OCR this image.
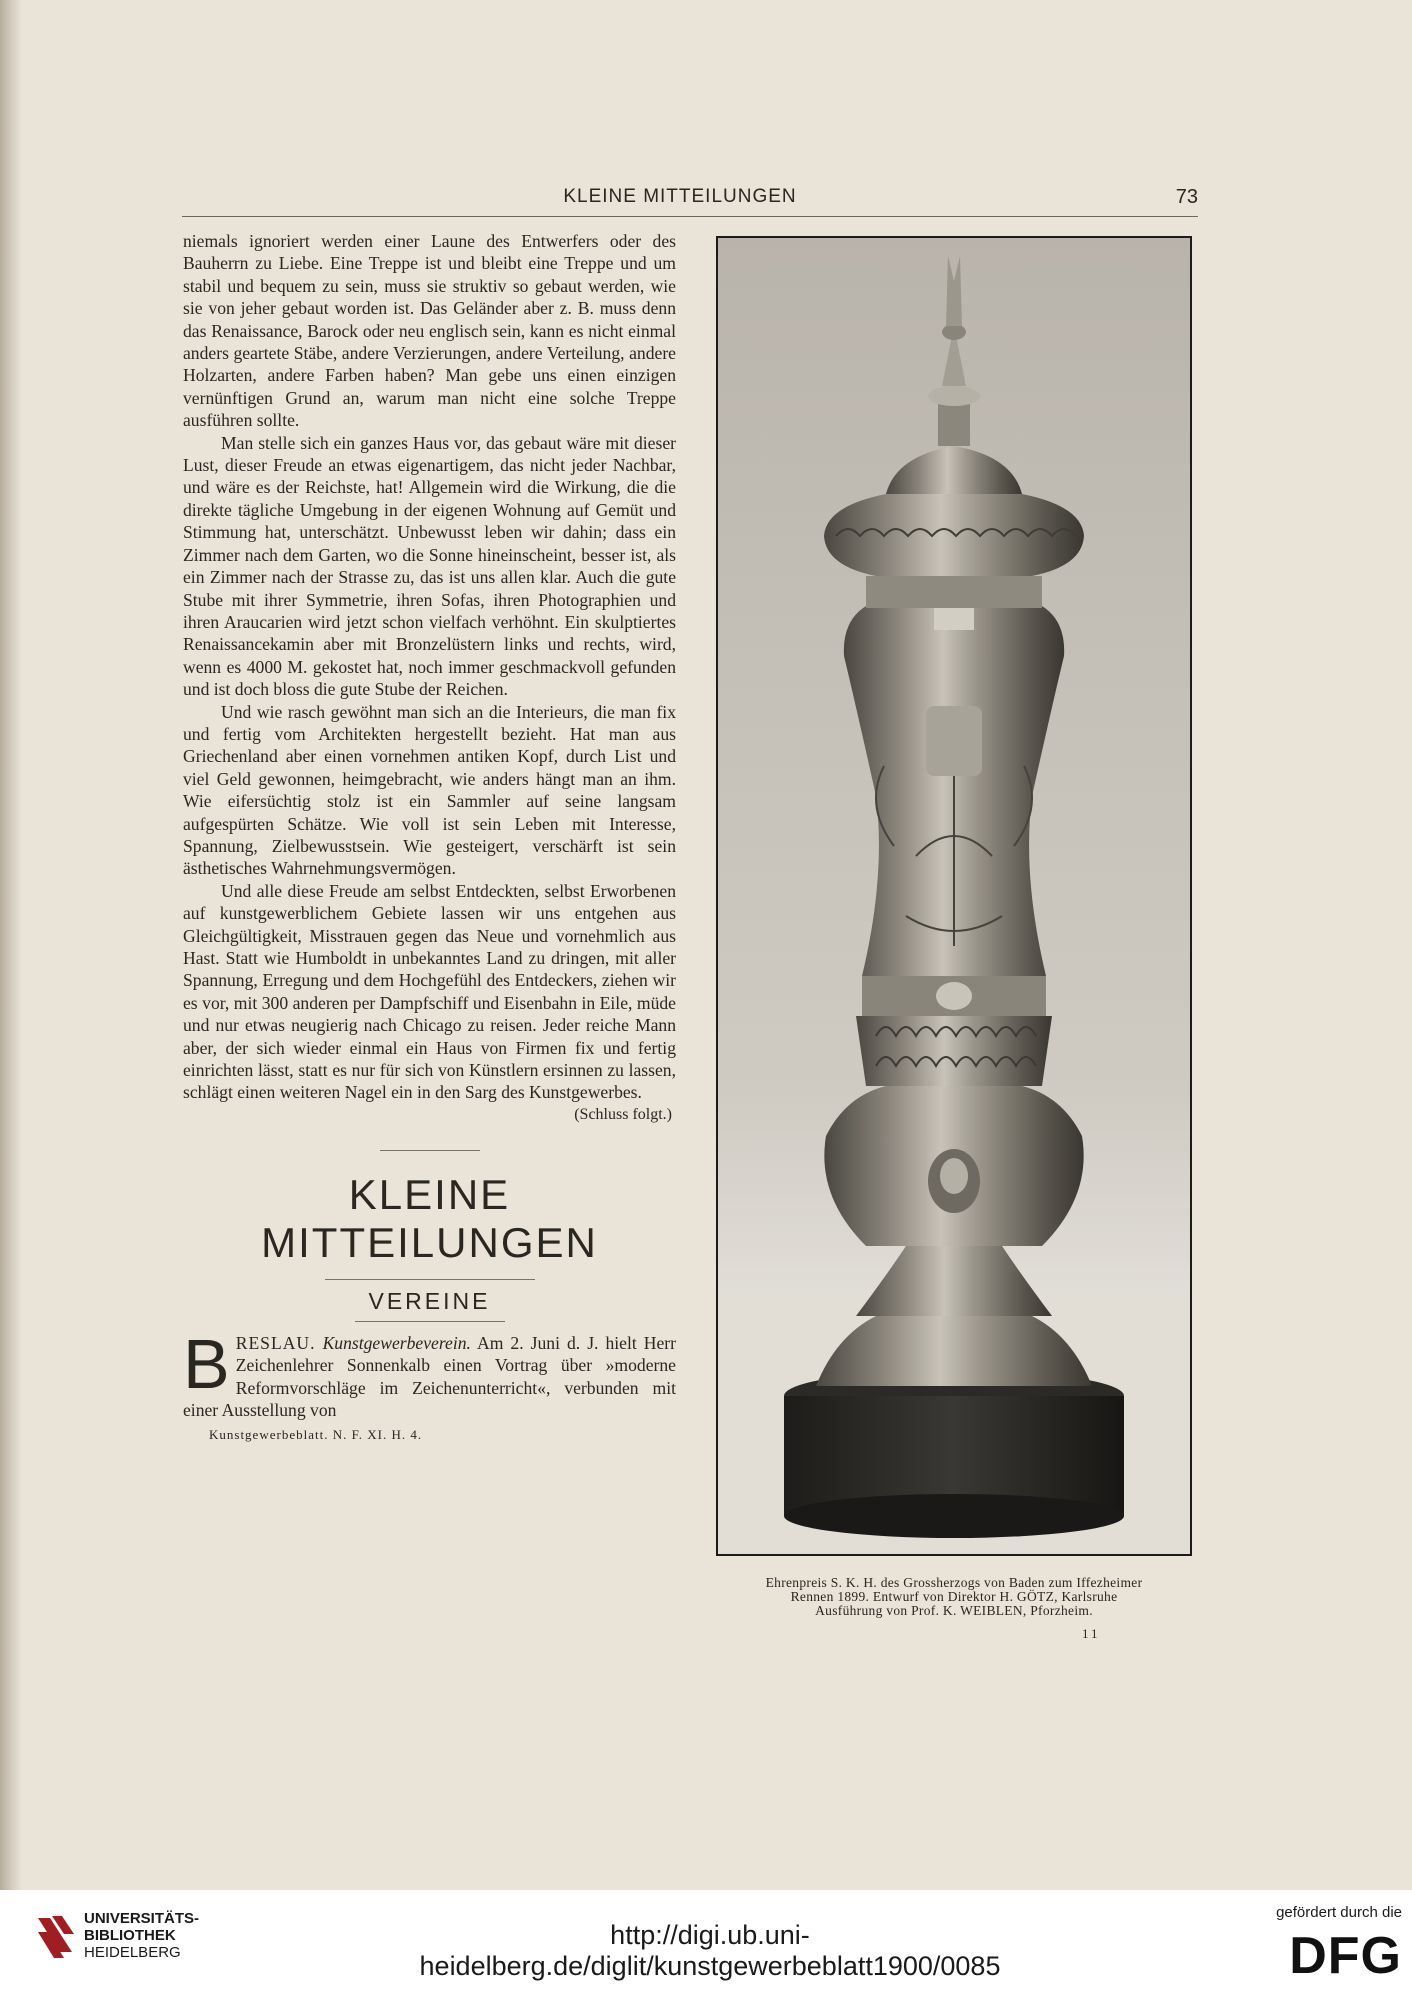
KLEINE MITTEILUNGEN	73

niemals ignoriert werden einer Laune des Entwerfers oder des Bauherrn zu Liebe. Eine Treppe ist und bleibt eine Treppe und um stabil und bequem zu sein, muss sie struktiv so gebaut werden, wie sie von jeher gebaut worden ist. Das Geländer aber z. B. muss denn das Renaissance, Barock oder neu englisch sein, kann es nicht einmal anders geartete Stäbe, andere Verzierungen, andere Verteilung, andere Holzarten, andere Farben haben? Man gebe uns einen einzigen vernünftigen Grund an, warum man nicht eine solche Treppe ausführen sollte.

Man stelle sich ein ganzes Haus vor, das gebaut wäre mit dieser Lust, dieser Freude an etwas eigenartigem, das nicht jeder Nachbar, und wäre es der Reichste, hat! Allgemein wird die Wirkung, die die direkte tägliche Umgebung in der eigenen Wohnung auf Gemüt und Stimmung hat, unterschätzt. Unbewusst leben wir dahin; dass ein Zimmer nach dem Garten, wo die Sonne hineinscheint, besser ist, als ein Zimmer nach der Strasse zu, das ist uns allen klar. Auch die gute Stube mit ihrer Symmetrie, ihren Sofas, ihren Photographien und ihren Araucarien wird jetzt schon vielfach verhöhnt. Ein skulptiertes Renaissancekamin aber mit Bronzelüstern links und rechts, wird, wenn es 4000 M. gekostet hat, noch immer geschmackvoll gefunden und ist doch bloss die gute Stube der Reichen.

Und wie rasch gewöhnt man sich an die Interieurs, die man fix und fertig vom Architekten hergestellt bezieht. Hat man aus Griechenland aber einen vornehmen antiken Kopf, durch List und viel Geld gewonnen, heimgebracht, wie anders hängt man an ihm. Wie eifersüchtig stolz ist ein Sammler auf seine langsam aufgespürten Schätze. Wie voll ist sein Leben mit Interesse, Spannung, Zielbewusstsein. Wie gesteigert, verschärft ist sein ästhetisches Wahrnehmungsvermögen.

Und alle diese Freude am selbst Entdeckten, selbst Erworbenen auf kunstgewerblichem Gebiete lassen wir uns entgehen aus Gleichgültigkeit, Misstrauen gegen das Neue und vornehmlich aus Hast. Statt wie Humboldt in unbekanntes Land zu dringen, mit aller Spannung, Erregung und dem Hochgefühl des Entdeckers, ziehen wir es vor, mit 300 anderen per Dampfschiff und Eisenbahn in Eile, müde und nur etwas neugierig nach Chicago zu reisen. Jeder reiche Mann aber, der sich wieder einmal ein Haus von Firmen fix und fertig einrichten lässt, statt es nur für sich von Künstlern ersinnen zu lassen, schlägt einen weiteren Nagel ein in den Sarg des Kunstgewerbes.

(Schluss folgt.)

KLEINE
MITTEILUNGEN

VEREINE

BRESLAU. Kunstgewerbeverein. Am 2. Juni d. J. hielt Herr Zeichenlehrer Sonnenkalb einen Vortrag über »moderne Reformvorschläge im Zeichenunterricht«, verbunden mit einer Ausstellung von

Kunstgewerbeblatt. N. F. XI. H. 4.
Ehrenpreis S. K. H. des Grossherzogs von Baden zum Iffezheimer
Rennen 1899. Entwurf von Direktor H. GÖTZ, Karlsruhe
Ausführung von Prof. K. WEIBLEN, Pforzheim.
11
UNIVERSITÄTS-
BIBLIOTHEK
HEIDELBERG
http://digi.ub.uni-heidelberg.de/diglit/kunstgewerbeblatt1900/0085
gefördert durch die
DFG
